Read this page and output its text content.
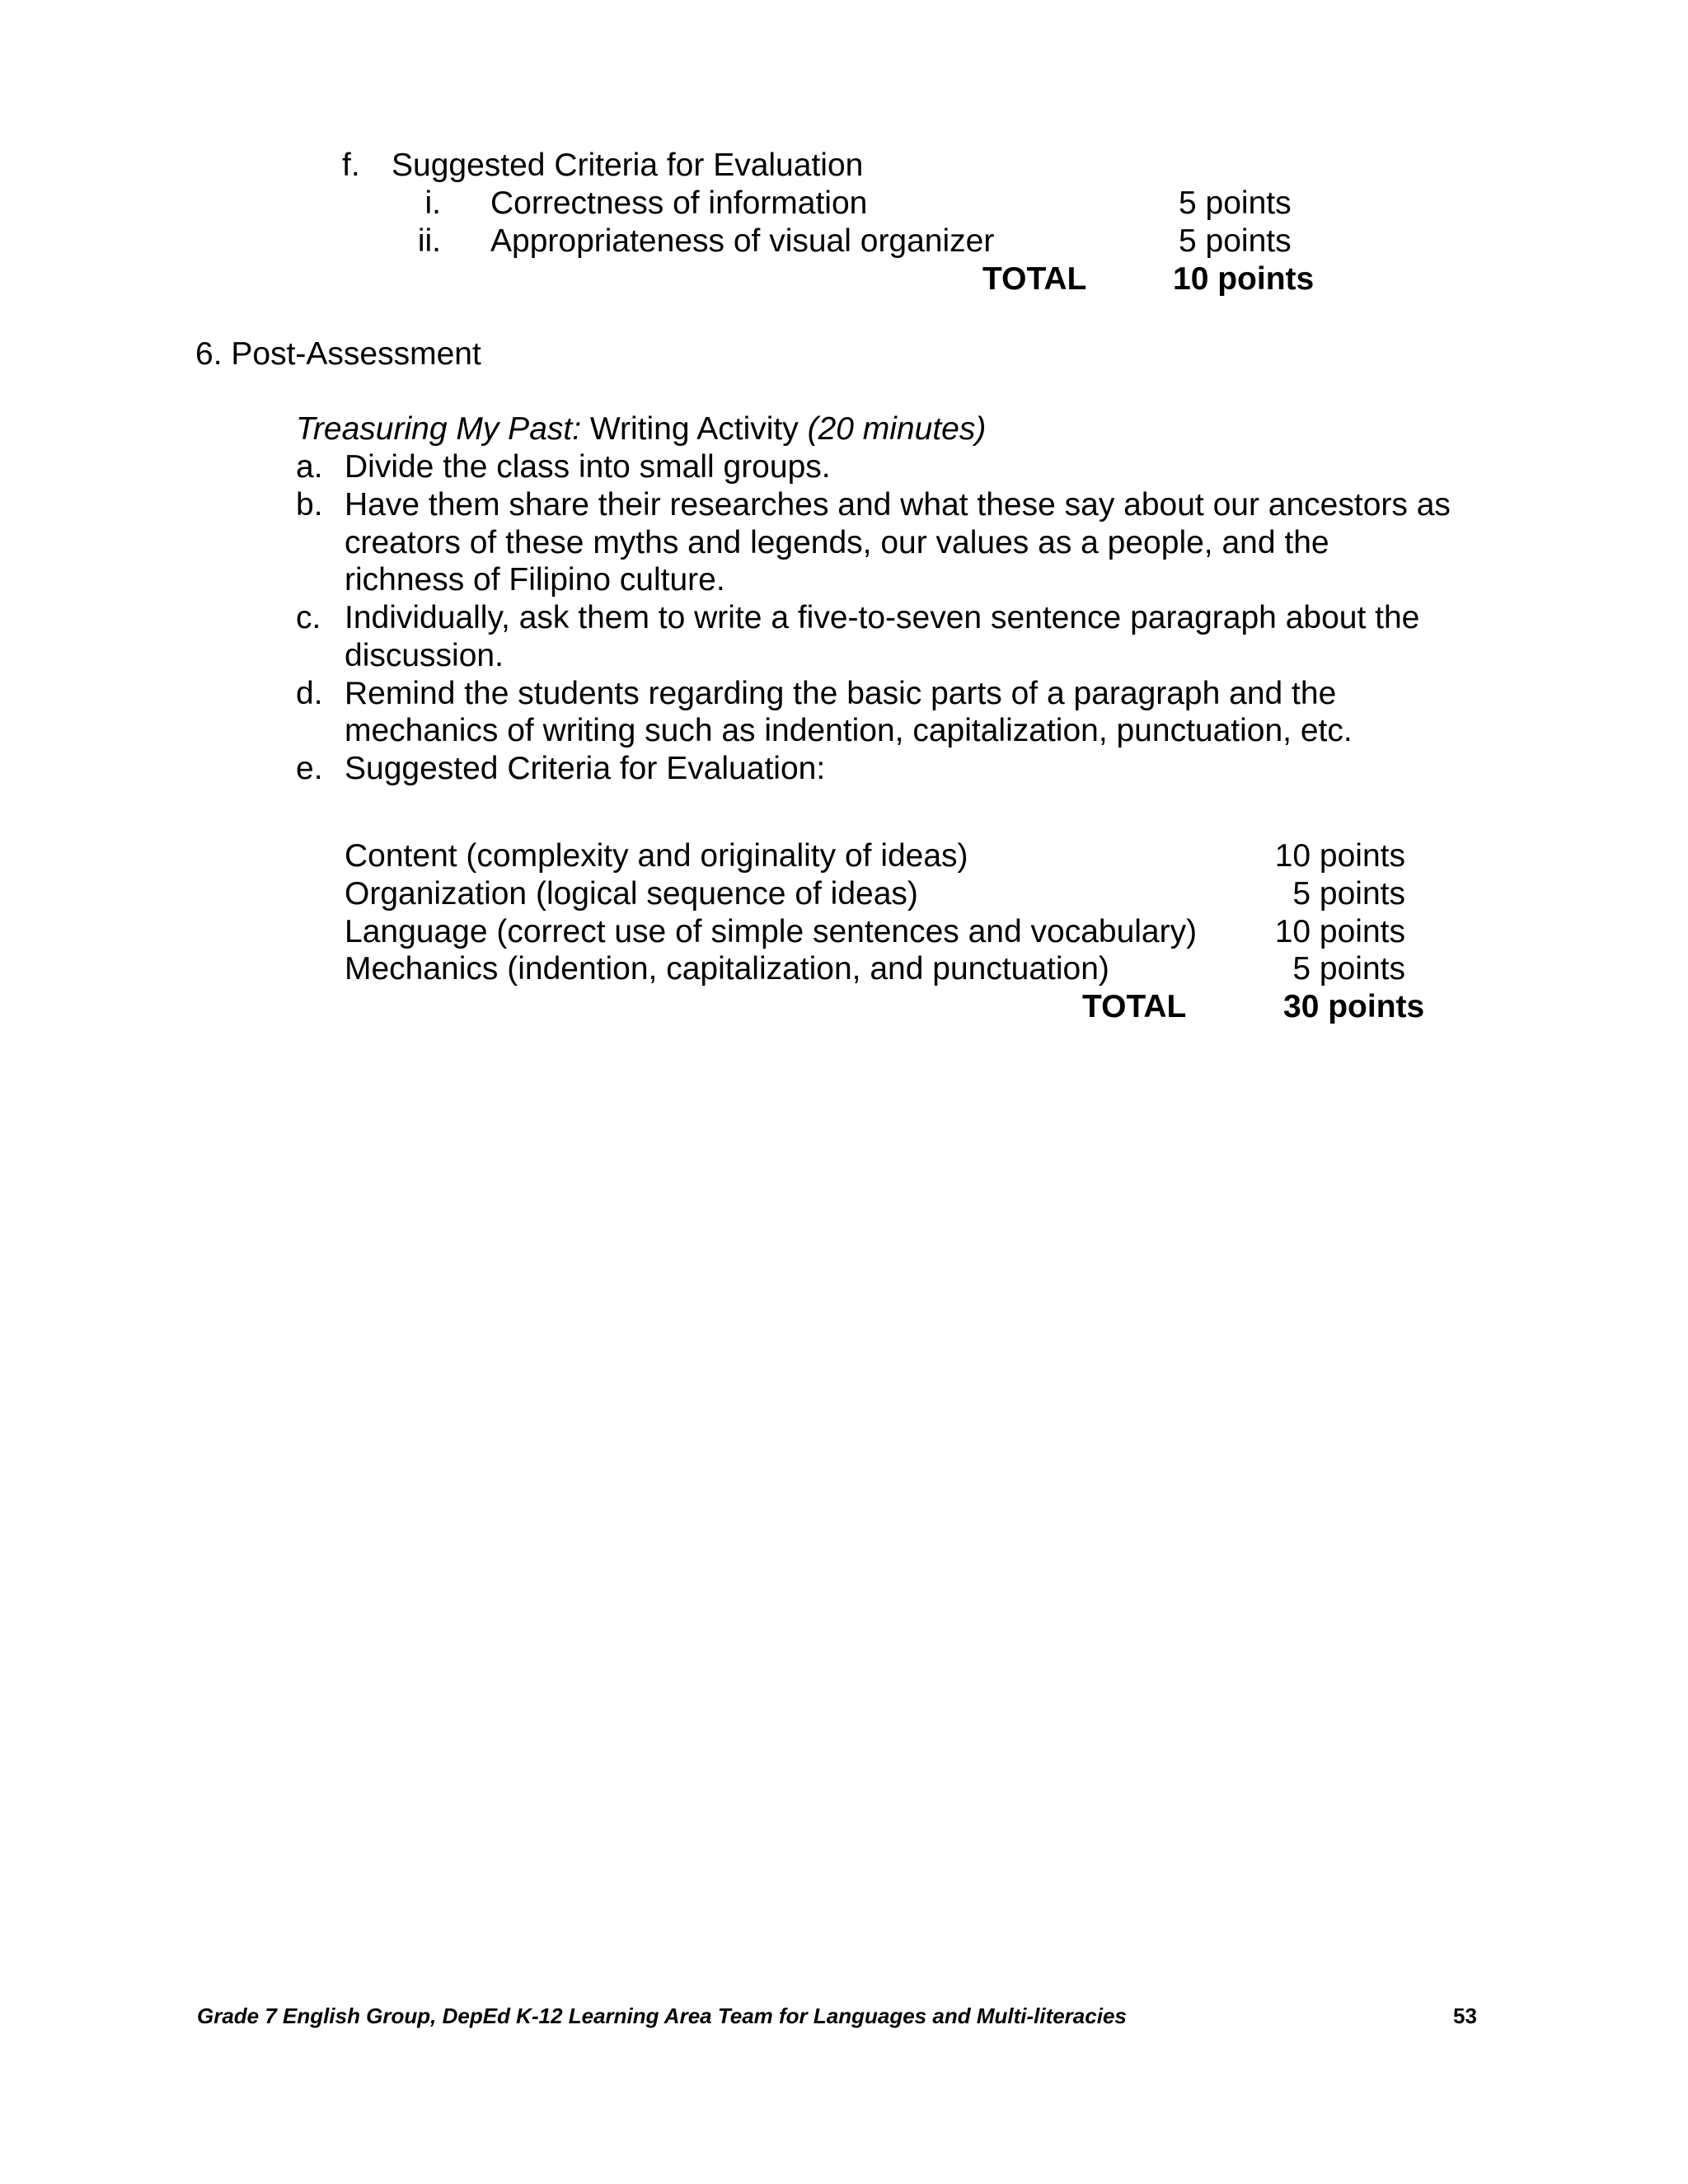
f. Suggested Criteria for Evaluation
i. Correctness of information	5 points
ii. Appropriateness of visual organizer	5 points
TOTAL	10 points
6. Post-Assessment
Treasuring My Past: Writing Activity (20 minutes)
a. Divide the class into small groups.
b. Have them share their researches and what these say about our ancestors as
creators of these myths and legends, our values as a people, and the
richness of Filipino culture.
c. Individually, ask them to write a five-to-seven sentence paragraph about the
discussion.
d. Remind the students regarding the basic parts of a paragraph and the
mechanics of writing such as indention, capitalization, punctuation, etc.
e. Suggested Criteria for Evaluation:
Content (complexity and originality of ideas)	10 points
Organization (logical sequence of ideas)	5 points
Language (correct use of simple sentences and vocabulary)	10 points
Mechanics (indention, capitalization, and punctuation)	5 points
TOTAL	30 points
Grade 7 English Group, DepEd K-12 Learning Area Team for Languages and Multi-literacies	53
